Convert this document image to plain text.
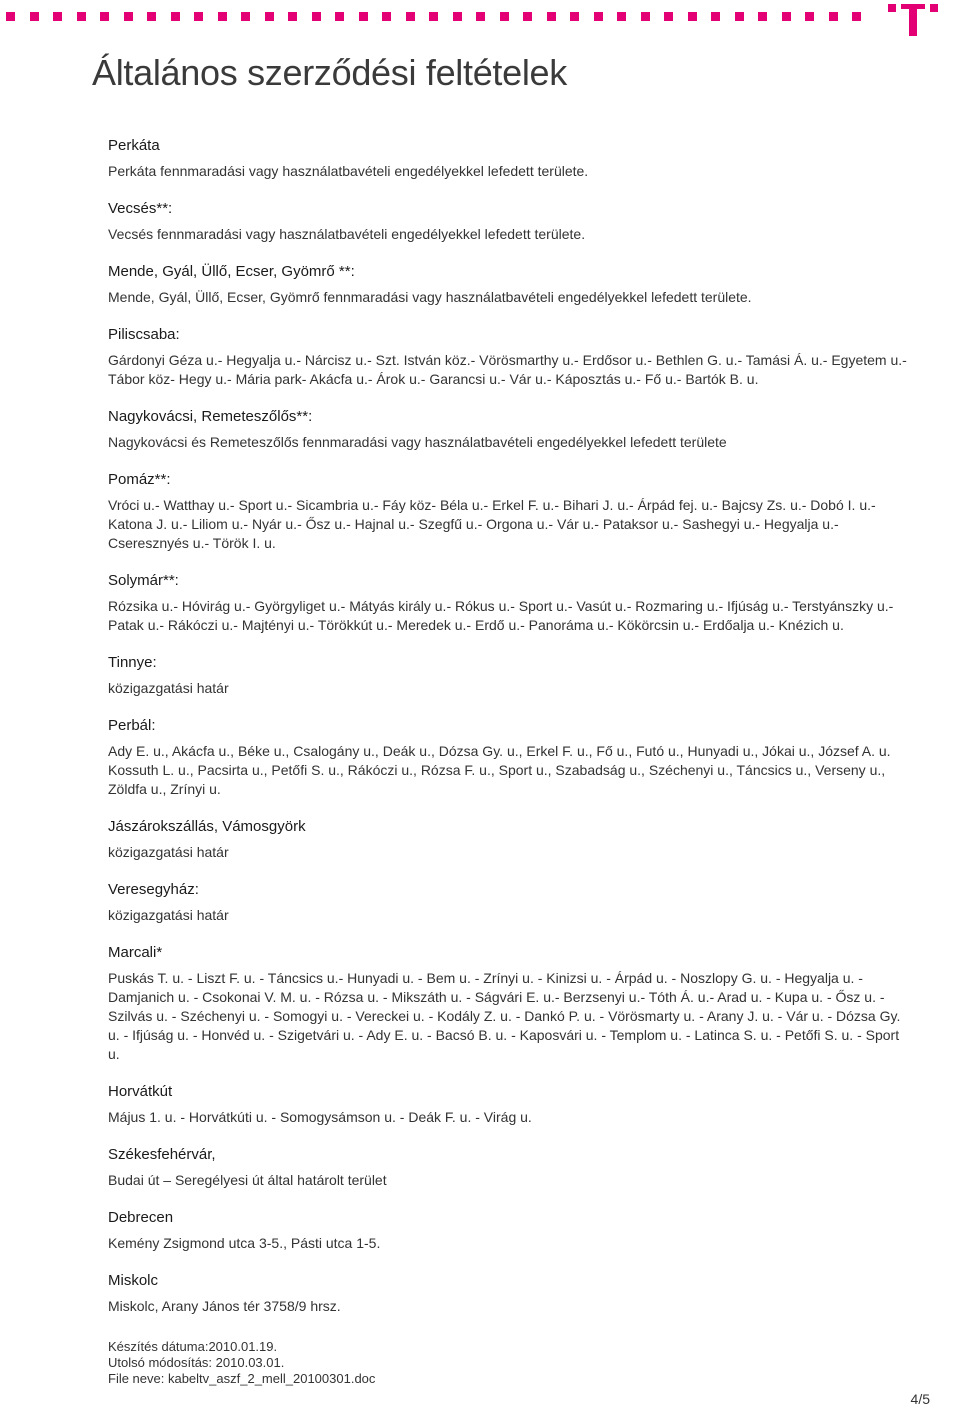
Általános szerződési feltételek

Perkáta

Perkáta fennmaradási vagy használatbavételi engedélyekkel lefedett területe.

Vecsés**:

Vecsés fennmaradási vagy használatbavételi engedélyekkel lefedett területe.

Mende, Gyál, Üllő, Ecser, Gyömrő **:

Mende, Gyál, Üllő, Ecser, Gyömrő fennmaradási vagy használatbavételi engedélyekkel lefedett területe.

Piliscsaba:

Gárdonyi Géza u.- Hegyalja u.- Nárcisz u.- Szt. István köz.- Vörösmarthy u.- Erdősor u.- Bethlen G. u.- Tamási Á. u.- Egyetem u.- Tábor köz- Hegy u.- Mária park- Akácfa u.- Árok u.- Garancsi u.- Vár u.- Káposztás u.- Fő u.- Bartók B. u.

Nagykovácsi, Remeteszőlős**:

Nagykovácsi és Remeteszőlős fennmaradási vagy használatbavételi engedélyekkel lefedett területe

Pomáz**:

Vróci u.- Watthay u.- Sport u.- Sicambria u.- Fáy köz- Béla u.- Erkel F. u.- Bihari J. u.- Árpád fej. u.- Bajcsy Zs. u.- Dobó I. u.- Katona J. u.- Liliom u.- Nyár u.- Ősz u.- Hajnal u.- Szegfű u.- Orgona u.- Vár u.- Pataksor u.- Sashegyi u.- Hegyalja u.- Cseresznyés u.- Török I. u.

Solymár**:

Rózsika u.- Hóvirág u.- Györgyliget u.- Mátyás király u.- Rókus u.- Sport u.- Vasút u.- Rozmaring u.- Ifjúság u.- Terstyánszky u.- Patak u.- Rákóczi u.- Majtényi u.- Törökkút u.- Meredek u.- Erdő u.- Panoráma u.- Kökörcsin u.- Erdőalja u.- Knézich u.

Tinnye:

közigazgatási határ

Perbál:

Ady E. u., Akácfa u., Béke u., Csalogány u., Deák u., Dózsa Gy. u., Erkel F. u., Fő u., Futó u., Hunyadi u., Jókai u., József A. u. Kossuth L. u., Pacsirta u., Petőfi S. u., Rákóczi u., Rózsa F. u., Sport u., Szabadság u., Széchenyi u., Táncsics u., Verseny u., Zöldfa u., Zrínyi u.

Jászárokszállás, Vámosgyörk

közigazgatási határ

Veresegyház:

közigazgatási határ

Marcali*

Puskás T. u. - Liszt F. u. - Táncsics u.- Hunyadi u. - Bem u. - Zrínyi u. - Kinizsi u. - Árpád u. - Noszlopy G. u. - Hegyalja u. - Damjanich u. - Csokonai V. M. u. - Rózsa u. - Mikszáth u. - Ságvári E. u.- Berzsenyi u.- Tóth Á. u.- Arad u. - Kupa u. - Ősz u. - Szilvás u. - Széchenyi u. - Somogyi u. - Vereckei u. - Kodály Z. u. - Dankó P. u. - Vörösmarty u. - Arany J. u. - Vár u. - Dózsa Gy. u. - Ifjúság u. - Honvéd u. - Szigetvári u. - Ady E. u. - Bacsó B. u. - Kaposvári u. - Templom u. - Latinca S. u. - Petőfi S. u. - Sport u.

Horvátkút

Május 1. u. - Horvátkúti u. - Somogysámson u. - Deák F. u. - Virág u.

Székesfehérvár,

Budai út – Seregélyesi út által határolt terület

Debrecen

Kemény Zsigmond utca 3-5., Pásti utca 1-5.

Miskolc

Miskolc, Arany János tér 3758/9 hrsz.

Készítés dátuma:2010.01.19.
Utolsó módosítás: 2010.03.01.
File neve: kabeltv_aszf_2_mell_20100301.doc
4/5
